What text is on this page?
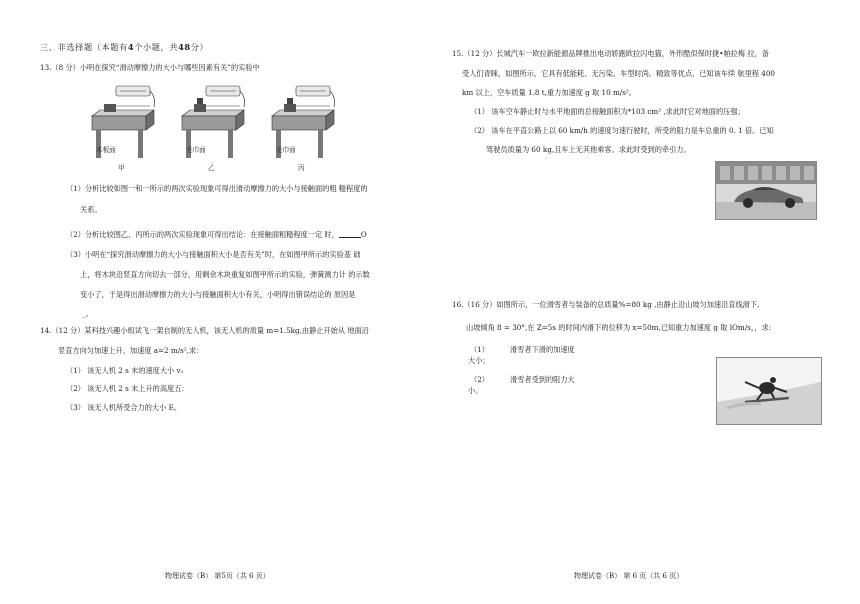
三、非选择题（本题有4个小题，共48分）
13.（8 分）小明在探究“滑动摩擦力的大小与哪些因素有关”的实验中
木板面	毛巾面	毛巾面
甲	乙	丙
（1）分析比较如图一和一所示的两次实验现象可得出滑动摩擦力的大小与接触面的粗 糙程度的
关系。
（2）分析比较图乙、丙所示的两次实验现象可得出结论：在接触面粗糙程度一定 时，	O
（3）小明在“探究滑动摩擦力的大小与接触面积大小是否有关”时，在如图甲所示的实验基 础
上，将木块沿竖直方向切去一部分，用剩余木块重复如图甲所示的实验，弹簧测力计 的示数
变小了，于是得出滑动摩擦力的大小与接触面积大小有关，小明得出错误结论的 原因是
_。
14.（12 分）某科技兴趣小组试飞一架自制的无人机，该无人机的质量 m=1.5kg,由静止开始从 地面沿
竖直方向匀加速上升，加速度 a=2 m/s²,求：
（1） 该无人机 2 s 末的速度大小 v₁
（2） 该无人机 2 s 末上升的高度五：
（3） 该无人机所受合力的大小 E。
物理试卷（B） 第5页（共 6 页）
15.（12 分）长城汽车一欧拉新能源品牌推出电动轿跑欧拉闪电猫，外形酷似保时捷•帕拉梅 拉，备
受人们青睐，如图所示，它具有低能耗、无污染、车型时尚、精致等优点，已知该车续 航里程 400
km 以上，空车质量 1.8 t,重力加速度 g 取 10 m/s²。
（1） 该车空车静止时与水平地面的总接触面积为*103 cm² ,求此时它对地面的压强；
（2） 该车在平直公路上以 60 km/h 的速度匀速行驶时，所受的阻力是车总重的 0. 1 倍。已知
驾驶员质量为 60 kg,且车上无其他乘客。求此时受到的牵引力。
16.（16 分）如图所示，一位滑雪者与装备的总质量%=80 kg ,由静止沿山坡匀加速沿直线滑下,
山坡倾角 8 = 30°,在 Z=5s 的时间内滑下的位移为 x=50m,已知重力加速度 g 取 lOm/s，，求:
（1）	滑雪者下滑的加速度
大小；
（2）	滑雪者受到的阻力大
小。
物理试卷（B） 第 6 页（共 6 页）
